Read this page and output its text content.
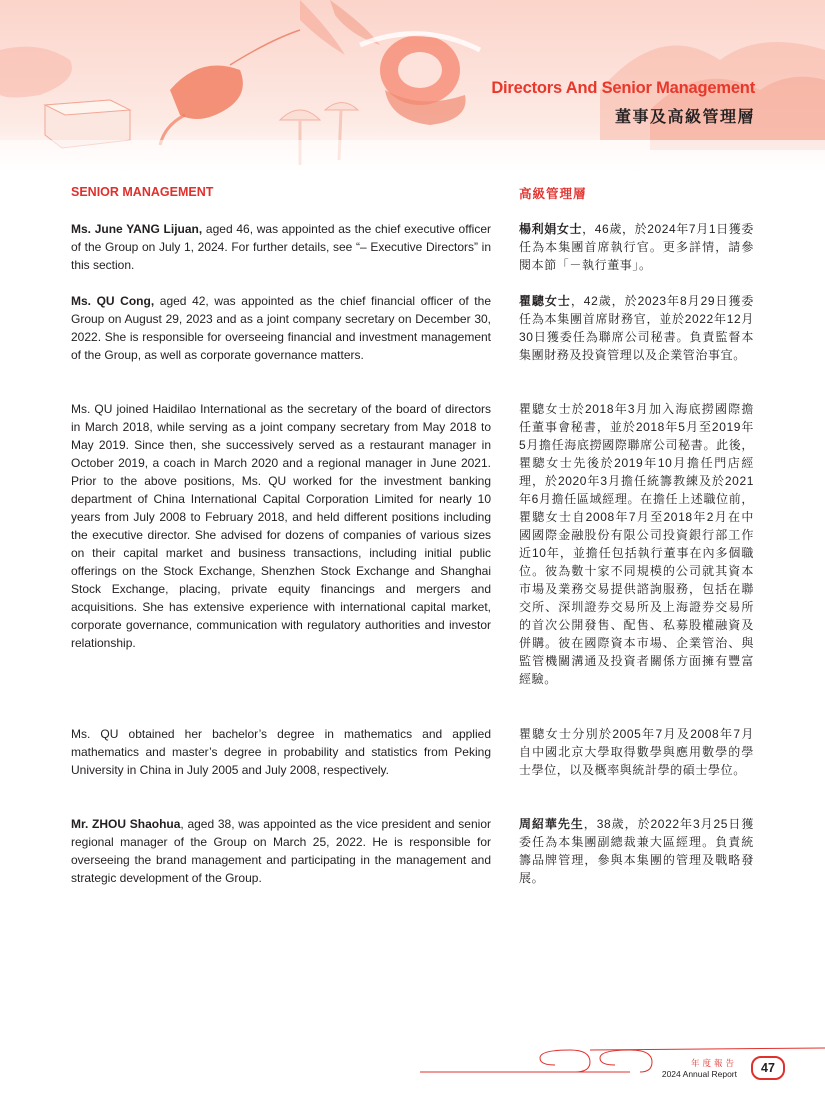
Directors And Senior Management
董事及高級管理層
SENIOR MANAGEMENT	高級管理層

Ms. June YANG Lijuan, aged 46, was appointed as the chief executive officer of the Group on July 1, 2024. For further details, see “– Executive Directors” in this section.

楊利娟女士，46歲，於2024年7月1日獲委任為本集團首席執行官。更多詳情，請參閱本節「－執行董事」。

Ms. QU Cong, aged 42, was appointed as the chief financial officer of the Group on August 29, 2023 and as a joint company secretary on December 30, 2022. She is responsible for overseeing financial and investment management of the Group, as well as corporate governance matters.

瞿驄女士，42歲，於2023年8月29日獲委任為本集團首席財務官，並於2022年12月30日獲委任為聯席公司秘書。負責監督本集團財務及投資管理以及企業管治事宜。

Ms. QU joined Haidilao International as the secretary of the board of directors in March 2018, while serving as a joint company secretary from May 2018 to May 2019. Since then, she successively served as a restaurant manager in October 2019, a coach in March 2020 and a regional manager in June 2021. Prior to the above positions, Ms. QU worked for the investment banking department of China International Capital Corporation Limited for nearly 10 years from July 2008 to February 2018, and held different positions including the executive director. She advised for dozens of companies of various sizes on their capital market and business transactions, including initial public offerings on the Stock Exchange, Shenzhen Stock Exchange and Shanghai Stock Exchange, placing, private equity financings and mergers and acquisitions. She has extensive experience with international capital market, corporate governance, communication with regulatory authorities and investor relationship.

瞿驄女士於2018年3月加入海底撈國際擔任董事會秘書，並於2018年5月至2019年5月擔任海底撈國際聯席公司秘書。此後，瞿驄女士先後於2019年10月擔任門店經理，於2020年3月擔任統籌教練及於2021年6月擔任區域經理。在擔任上述職位前，瞿驄女士自2008年7月至2018年2月在中國國際金融股份有限公司投資銀行部工作近10年，並擔任包括執行董事在內多個職位。彼為數十家不同規模的公司就其資本市場及業務交易提供諮詢服務，包括在聯交所、深圳證券交易所及上海證券交易所的首次公開發售、配售、私募股權融資及併購。彼在國際資本市場、企業管治、與監管機關溝通及投資者關係方面擁有豐富經驗。

Ms. QU obtained her bachelor’s degree in mathematics and applied mathematics and master’s degree in probability and statistics from Peking University in China in July 2005 and July 2008, respectively.

瞿驄女士分別於2005年7月及2008年7月自中國北京大學取得數學與應用數學的學士學位，以及概率與統計學的碩士學位。

Mr. ZHOU Shaohua, aged 38, was appointed as the vice president and senior regional manager of the Group on March 25, 2022. He is responsible for overseeing the brand management and participating in the management and strategic development of the Group.

周紹華先生，38歲，於2022年3月25日獲委任為本集團副總裁兼大區經理。負責統籌品牌管理，參與本集團的管理及戰略發展。

年度報告
2024 Annual Report	47
